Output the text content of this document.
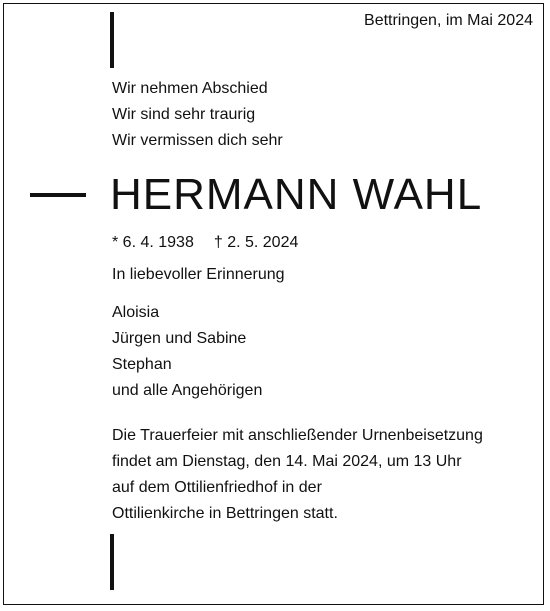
Bettringen, im Mai 2024
Wir nehmen Abschied
Wir sind sehr traurig
Wir vermissen dich sehr
HERMANN WAHL
* 6. 4. 1938 † 2. 5. 2024
In liebevoller Erinnerung
Aloisia
Jürgen und Sabine
Stephan
und alle Angehörigen
Die Trauerfeier mit anschließender Urnenbeisetzung
findet am Dienstag, den 14. Mai 2024, um 13 Uhr
auf dem Ottilienfriedhof in der
Ottilienkirche in Bettringen statt.
